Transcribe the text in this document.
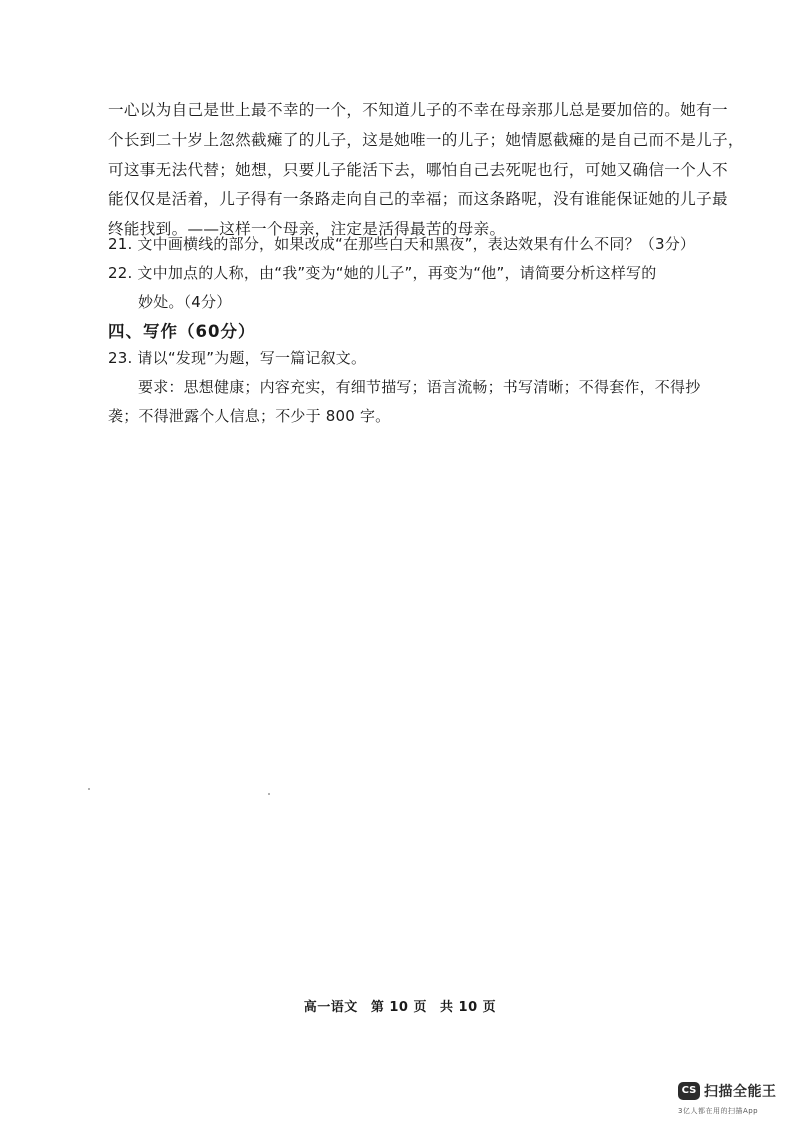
一心以为自己是世上最不幸的一个，不知道儿子的不幸在母亲那儿总是要加倍的。她有一
个长到二十岁上忽然截瘫了的儿子，这是她唯一的儿子；她情愿截瘫的是自己而不是儿子，
可这事无法代替；她想，只要儿子能活下去，哪怕自己去死呢也行，可她又确信一个人不
能仅仅是活着，儿子得有一条路走向自己的幸福；而这条路呢，没有谁能保证她的儿子最
终能找到。——这样一个母亲，注定是活得最苦的母亲。
21. 文中画横线的部分，如果改成“在那些白天和黑夜”，表达效果有什么不同？（3分）
22. 文中加点的人称，由“我”变为“她的儿子”，再变为“他”，请简要分析这样写的
妙处。（4分）
四、写作（60分）
23. 请以“发现”为题，写一篇记叙文。
要求：思想健康；内容充实，有细节描写；语言流畅；书写清晰；不得套作，不得抄
袭；不得泄露个人信息；不少于 800 字。
高一语文 第 10 页 共 10 页
CS 扫描全能王
3亿人都在用的扫描App
